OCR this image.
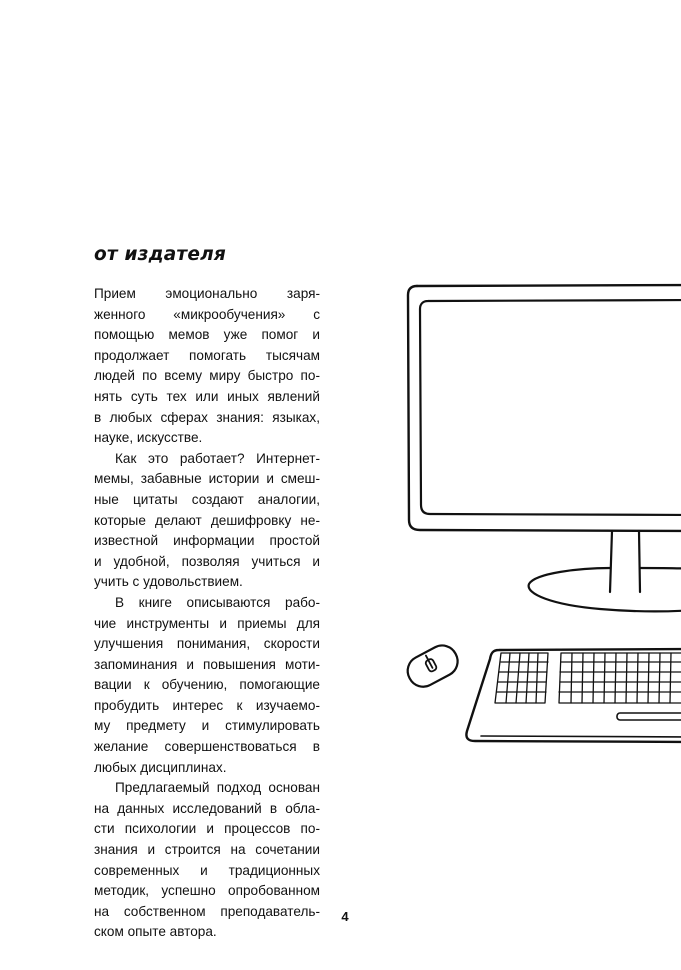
от издателя
Прием эмоционально заря-
женного «микрообучения» с
помощью мемов уже помог и
продолжает помогать тысячам
людей по всему миру быстро по-
нять суть тех или иных явлений
в любых сферах знания: языках,
науке, искусстве.
Как это работает? Интернет-
мемы, забавные истории и смеш-
ные цитаты создают аналогии,
которые делают дешифровку не-
известной информации простой
и удобной, позволяя учиться и
учить с удовольствием.
В книге описываются рабо-
чие инструменты и приемы для
улучшения понимания, скорости
запоминания и повышения моти-
вации к обучению, помогающие
пробудить интерес к изучаемо-
му предмету и стимулировать
желание совершенствоваться в
любых дисциплинах.
Предлагаемый подход основан
на данных исследований в обла-
сти психологии и процессов по-
знания и строится на сочетании
современных и традиционных
методик, успешно опробованном
на собственном преподаватель-
ском опыте автора.
4
